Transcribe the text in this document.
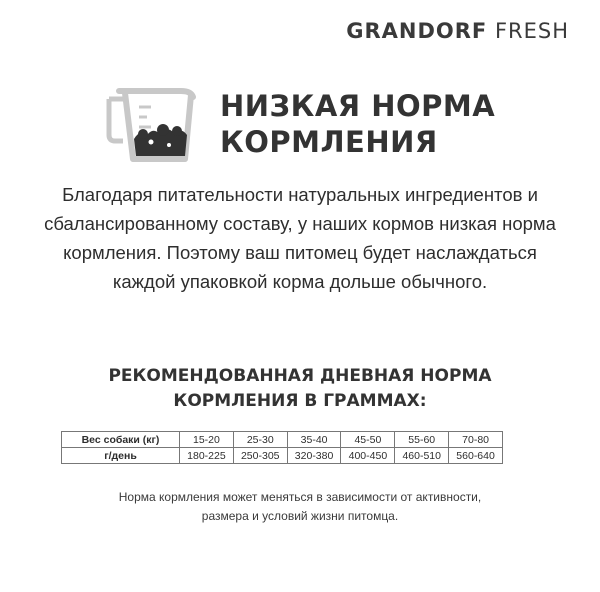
GRANDORF FRESH
НИЗКАЯ НОРМА
КОРМЛЕНИЯ

Благодаря питательности натуральных ингредиентов и
сбалансированному составу, у наших кормов низкая норма
кормления. Поэтому ваш питомец будет наслаждаться
каждой упаковкой корма дольше обычного.

РЕКОМЕНДОВАННАЯ ДНЕВНАЯ НОРМА
КОРМЛЕНИЯ В ГРАММАХ:
Вес собаки (кг)	15-20	25-30	35-40	45-50	55-60	70-80
г/день	180-225	250-305	320-380	400-450	460-510	560-640

Норма кормления может меняться в зависимости от активности,
размера и условий жизни питомца.
